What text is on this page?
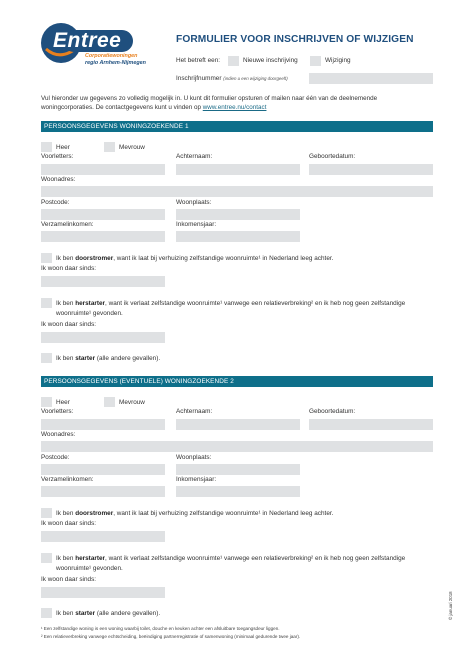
Entree
Corporatiewoningen
regio Arnhem-Nijmegen
FORMULIER VOOR INSCHRIJVEN OF WIJZIGEN
Het betreft een:	Nieuwe inschrijving	Wijziging
Inschrijfnummer (indien u een wijziging doorgeeft)
Vul hieronder uw gegevens zo volledig mogelijk in. U kunt dit formulier opsturen of mailen naar één van de deelnemende
woningcorporaties. De contactgegevens kunt u vinden op www.entree.nu/contact
PERSOONSGEGEVENS WONINGZOEKENDE 1
Heer	Mevrouw
Voorletters:	Achternaam:	Geboortedatum:
Woonadres:
Postcode:	Woonplaats:
Verzamelinkomen:	Inkomensjaar:
Ik ben doorstromer, want ik laat bij verhuizing zelfstandige woonruimte¹ in Nederland leeg achter.
Ik woon daar sinds:
Ik ben herstarter, want ik verlaat zelfstandige woonruimte¹ vanwege een relatieverbreking² en ik heb nog geen zelfstandige
woonruimte¹ gevonden.
Ik woon daar sinds:
Ik ben starter (alle andere gevallen).
PERSOONSGEGEVENS (EVENTUELE) WONINGZOEKENDE 2
Heer	Mevrouw
Voorletters:	Achternaam:	Geboortedatum:
Woonadres:
Postcode:	Woonplaats:
Verzamelinkomen:	Inkomensjaar:
Ik ben doorstromer, want ik laat bij verhuizing zelfstandige woonruimte¹ in Nederland leeg achter.
Ik woon daar sinds:
Ik ben herstarter, want ik verlaat zelfstandige woonruimte¹ vanwege een relatieverbreking² en ik heb nog geen zelfstandige
woonruimte¹ gevonden.
Ik woon daar sinds:
Ik ben starter (alle andere gevallen).
¹ Een zelfstandige woning is een woning waarbij toilet, douche en keuken achter een afsluitbare toegangsdeur liggen.
² Een relatieverbreking vanwege echtscheiding, beëindiging partnerregistratie of samenwoning (minimaal gedurende twee jaar).
© januari 2018
